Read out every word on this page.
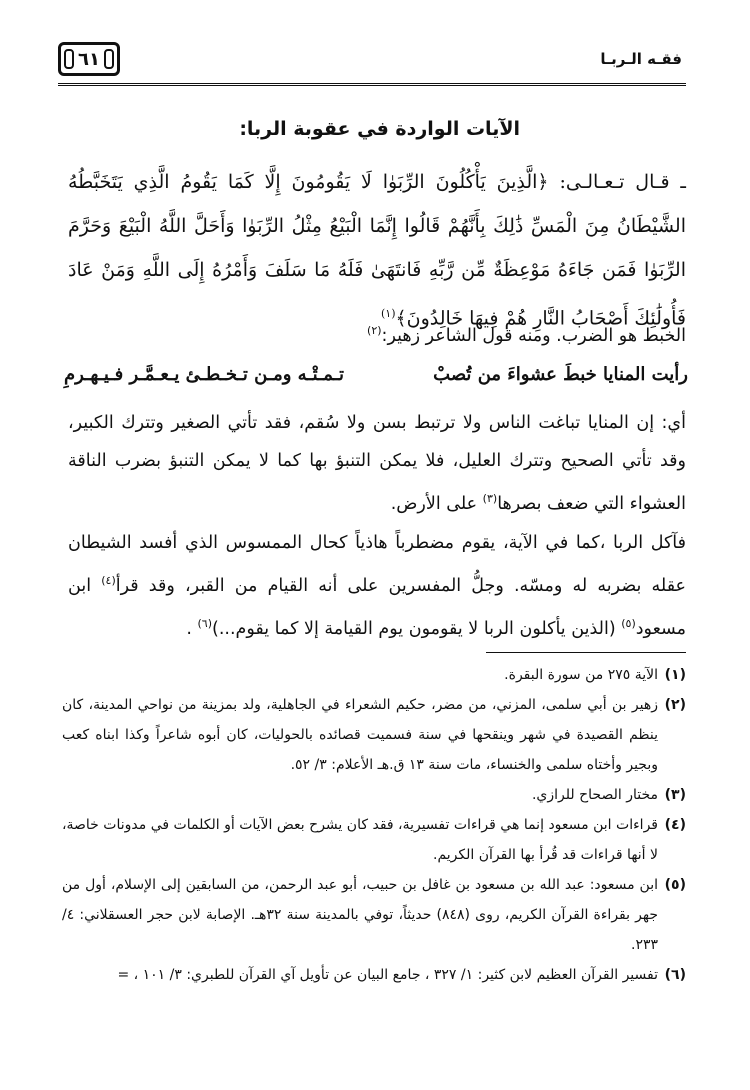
فقـه الـربـا
٦١
الآيات الواردة في عقوبة الربا:
ـ قـال تـعـالـى: ﴿الَّذِينَ يَأْكُلُونَ الرِّبَوٰا لَا يَقُومُونَ إِلَّا كَمَا يَقُومُ الَّذِي يَتَخَبَّطُهُ الشَّيْطَانُ مِنَ الْمَسِّ ذَٰلِكَ بِأَنَّهُمْ قَالُوا إِنَّمَا الْبَيْعُ مِثْلُ الرِّبَوٰا وَأَحَلَّ اللَّهُ الْبَيْعَ وَحَرَّمَ الرِّبَوٰا فَمَن جَاءَهُ مَوْعِظَةٌ مِّن رَّبِّهِ فَانتَهَىٰ فَلَهُ مَا سَلَفَ وَأَمْرُهُ إِلَى اللَّهِ وَمَنْ عَادَ فَأُولَٰئِكَ أَصْحَابُ النَّارِ هُمْ فِيهَا خَالِدُونَ﴾$^{(١)}$
الخبط هو الضرب. ومنه قول الشاعر زهير:$^{(٢)}$
رأيت المنايا خبطَ عشواءَ من تُصبْ
تـمـتْـه ومـن تـخـطـئ يـعـمَّـر فـيـهـرمِ
أي: إن المنايا تباغت الناس ولا ترتبط بسن ولا سُقم، فقد تأتي الصغير وتترك الكبير، وقد تأتي الصحيح وتترك العليل، فلا يمكن التنبؤ بها كما لا يمكن التنبؤ بضرب الناقة العشواء التي ضعف بصرها$^{(٣)}$ على الأرض.
فآكل الربا ،كما في الآية، يقوم مضطرباً هاذياً كحال الممسوس الذي أفسد الشيطان عقله بضربه له ومسّه. وجلُّ المفسرين على أنه القيام من القبر، وقد قرأ$^{(٤)}$ ابن مسعود$^{(٥)}$ (الذين يأكلون الربا لا يقومون يوم القيامة إلا كما يقوم...)$^{(٦)}$ .
(١)
الآية ٢٧٥ من سورة البقرة.
(٢)
زهير بن أبي سلمى، المزني، من مضر، حكيم الشعراء في الجاهلية، ولد بمزينة من نواحي المدينة، كان ينظم القصيدة في شهر وينقحها في سنة فسميت قصائده بالحوليات، كان أبوه شاعراً وكذا ابناه كعب وبجير وأختاه سلمى والخنساء، مات سنة ١٣ ق.هـ الأعلام: ٣/ ٥٢.
(٣)
مختار الصحاح للرازي.
(٤)
قراءات ابن مسعود إنما هي قراءات تفسيرية، فقد كان يشرح بعض الآيات أو الكلمات في مدونات خاصة، لا أنها قراءات قد قُرأ بها القرآن الكريم.
(٥)
ابن مسعود: عبد الله بن مسعود بن غافل بن حبيب، أبو عبد الرحمن، من السابقين إلى الإسلام، أول من جهر بقراءة القرآن الكريم، روى (٨٤٨) حديثاً، توفي بالمدينة سنة ٣٢هـ. الإصابة لابن حجر العسقلاني: ٤/ ٢٣٣.
(٦)
تفسير القرآن العظيم لابن كثير: ١/ ٣٢٧ ، جامع البيان عن تأويل آي القرآن للطبري: ٣/ ١٠١ ، =
